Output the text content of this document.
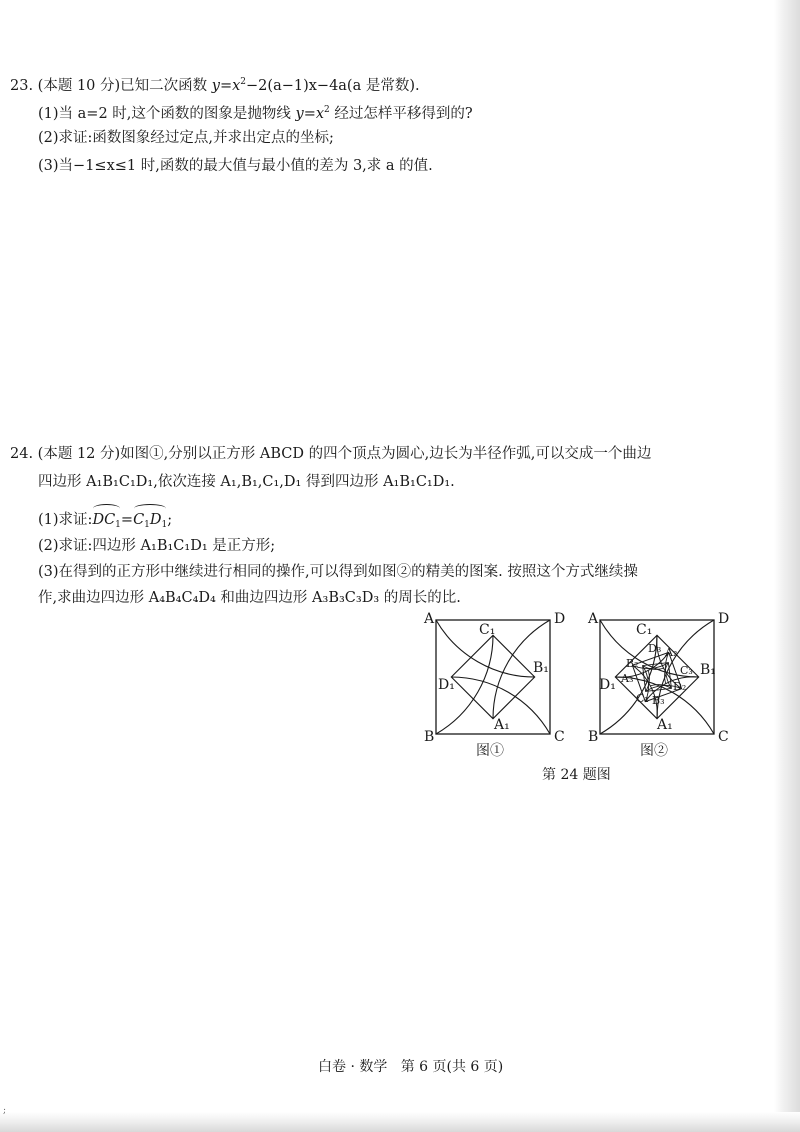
23. (本题 10 分)已知二次函数 $y=x^2-2(a-1)x-4a(a$ 是常数).
(1)当 a=2 时,这个函数的图象是抛物线 $y=x^2$ 经过怎样平移得到的?
(2)求证:函数图象经过定点,并求出定点的坐标;
(3)当−1≤x≤1 时,函数的最大值与最小值的差为 3,求 a 的值.
24. (本题 12 分)如图①,分别以正方形 ABCD 的四个顶点为圆心,边长为半径作弧,可以交成一个曲边
四边形 A₁B₁C₁D₁,依次连接 A₁,B₁,C₁,D₁ 得到四边形 A₁B₁C₁D₁.
(1)求证$:DC_1=C_1D_1$;
(2)求证:四边形 A₁B₁C₁D₁ 是正方形;
(3)在得到的正方形中继续进行相同的操作,可以得到如图②的精美的图案. 按照这个方式继续操
作,求曲边四边形 A₄B₄C₄D₄ 和曲边四边形 A₃B₃C₃D₃ 的周长的比.
A
B	C
D
C₁
B₁
D₁
A₁
图①
A
B	C
D
C₁
B₁
D₁
A₁
D₃ A₂
B₂
C₃
A₃
D₂
C₂ B₃
图②
第 24 题图
白卷 · 数学   第 6 页(共 6 页)
;
